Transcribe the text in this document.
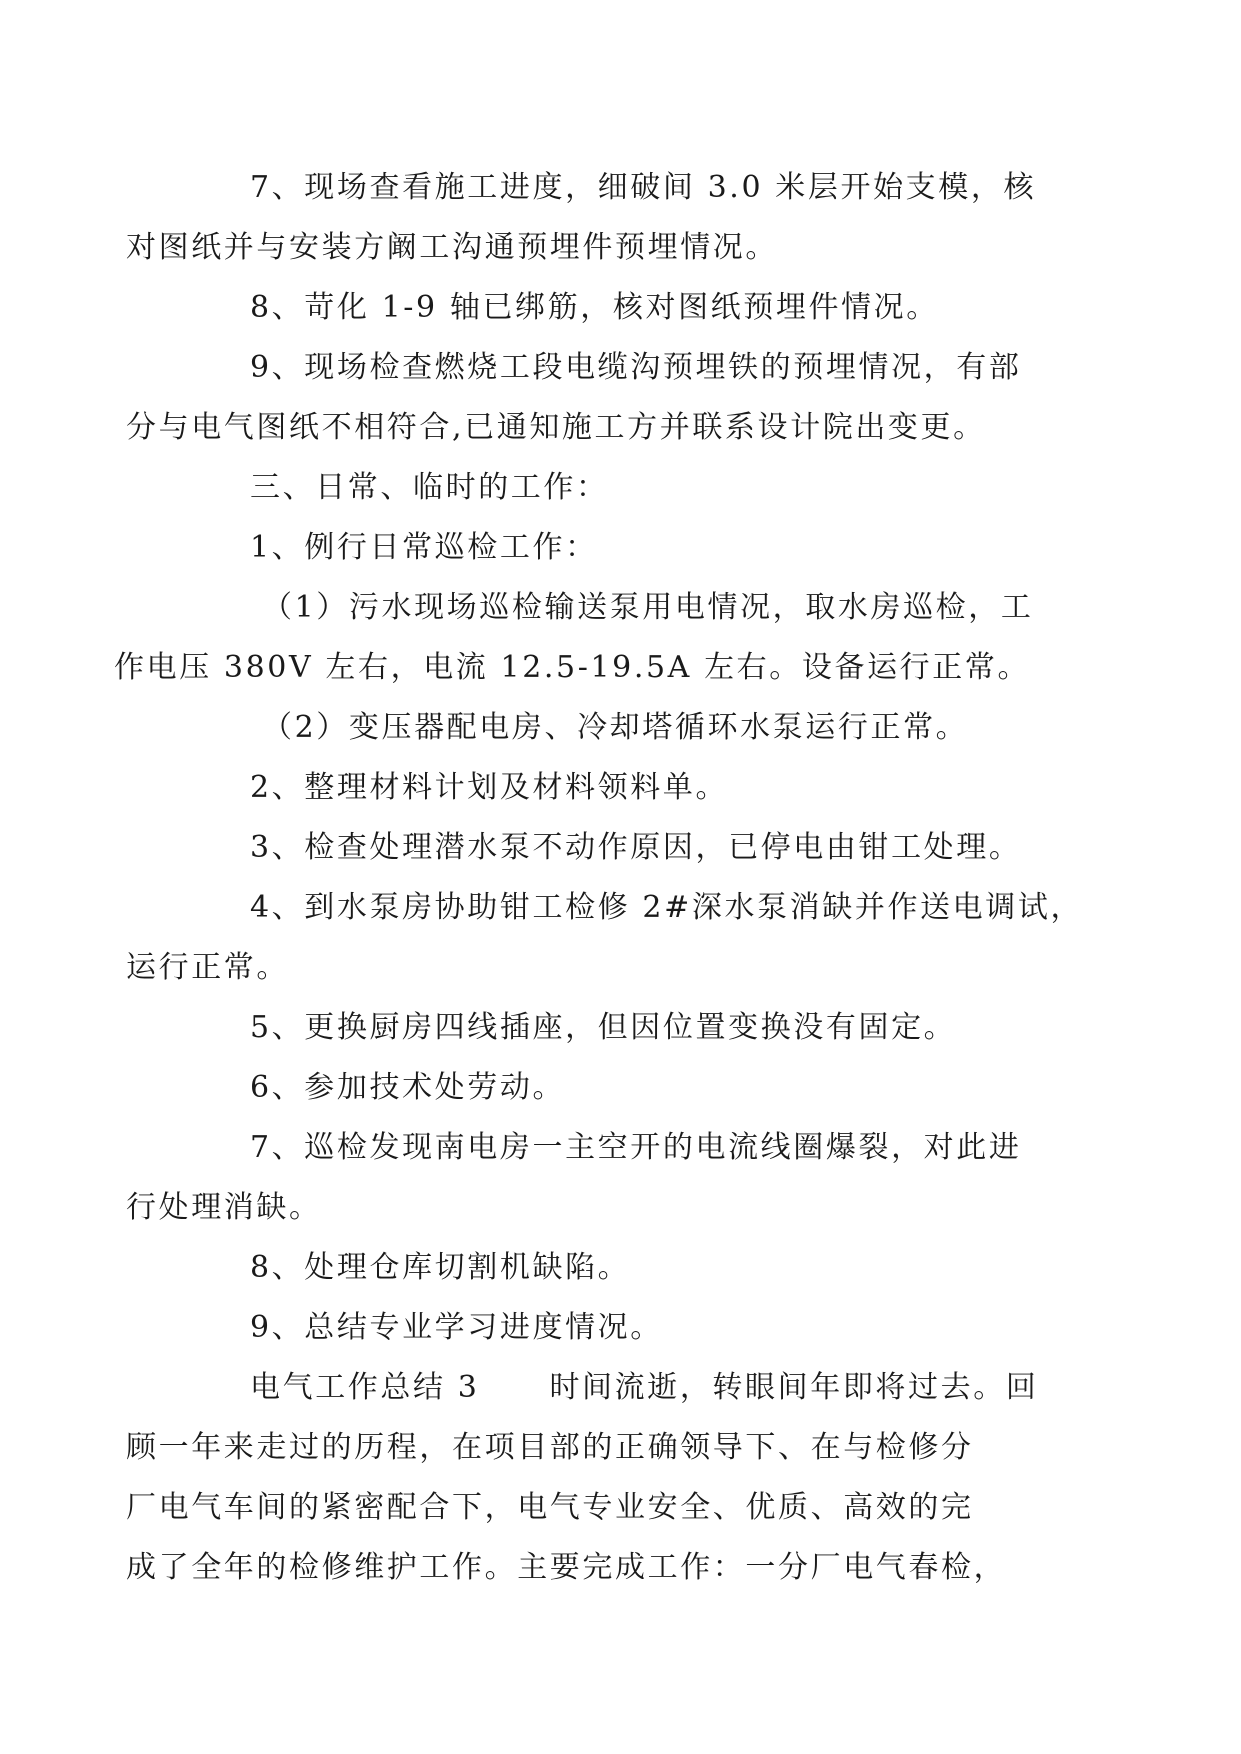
7、现场查看施工进度，细破间 3.0 米层开始支模，核
对图纸并与安装方阚工沟通预埋件预埋情况。

8、苛化 1-9 轴已绑筋，核对图纸预埋件情况。

9、现场检查燃烧工段电缆沟预埋铁的预埋情况，有部
分与电气图纸不相符合,已通知施工方并联系设计院出变更。

三、日常、临时的工作：

1、例行日常巡检工作：

（1）污水现场巡检输送泵用电情况，取水房巡检，工
作电压 380V 左右，电流 12.5-19.5A 左右。设备运行正常。

（2）变压器配电房、冷却塔循环水泵运行正常。

2、整理材料计划及材料领料单。

3、检查处理潜水泵不动作原因，已停电由钳工处理。

4、到水泵房协助钳工检修 2#深水泵消缺并作送电调试，
运行正常。

5、更换厨房四线插座，但因位置变换没有固定。

6、参加技术处劳动。

7、巡检发现南电房一主空开的电流线圈爆裂，对此进
行处理消缺。

8、处理仓库切割机缺陷。

9、总结专业学习进度情况。

电气工作总结 3 时间流逝，转眼间年即将过去。回
顾一年来走过的历程，在项目部的正确领导下、在与检修分
厂电气车间的紧密配合下，电气专业安全、优质、高效的完
成了全年的检修维护工作。主要完成工作：一分厂电气春检，
